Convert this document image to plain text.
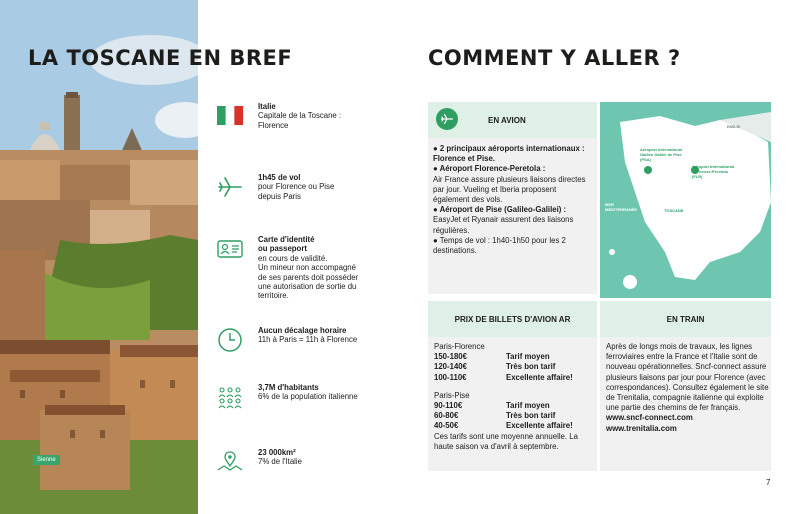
Sienne
LA TOSCANE EN BREF	COMMENT Y ALLER ?
Italie
Capitale de la Toscane :
Florence
1h45 de vol
pour Florence ou Pise
depuis Paris
Carte d'identité
ou passeport
en cours de validité.
Un mineur non accompagné
de ses parents doit posséder
une autorisation de sortie du
territoire.
Aucun décalage horaire
11h à Paris = 11h à Florence
3,7M d'habitants
6% de la population italienne
23 000km²
7% de l'Italie
EN AVION
● 2 principaux aéroports internationaux : Florence et Pise.
● Aéroport Florence-Peretola :
Air France assure plusieurs liaisons directes par jour. Vueling et Iberia proposent également des vols.
● Aéroport de Pise (Galileo-Galilei) :
EasyJet et Ryanair assurent des liaisons régulières.
● Temps de vol : 1h40-1h50 pour les 2 destinations.
EMILIE
Aéroport International Galileo Galilei de Pise (PSA)
Aéroport International di Firenze-Peretola (FLR)
MER MÉDITERRANÉE	TOSCANE
PRIX DE BILLETS D'AVION AR
Paris-Florence
150-180€	Tarif moyen
120-140€	Très bon tarif
100-110€	Excellente affaire!
Paris-Pise
90-110€	Tarif moyen
60-80€	Très bon tarif
40-50€	Excellente affaire!
Ces tarifs sont une moyenne annuelle. La haute saison va d'avril à septembre.
EN TRAIN
Après de longs mois de travaux, les lignes ferroviaires entre la France et l'Italie sont de nouveau opérationnelles. Sncf-connect assure plusieurs liaisons par jour pour Florence (avec correspondances). Consultez également le site de Trenitalia, compagnie italienne qui exploite une partie des chemins de fer français.
www.sncf-connect.com
www.trenitalia.com
7
